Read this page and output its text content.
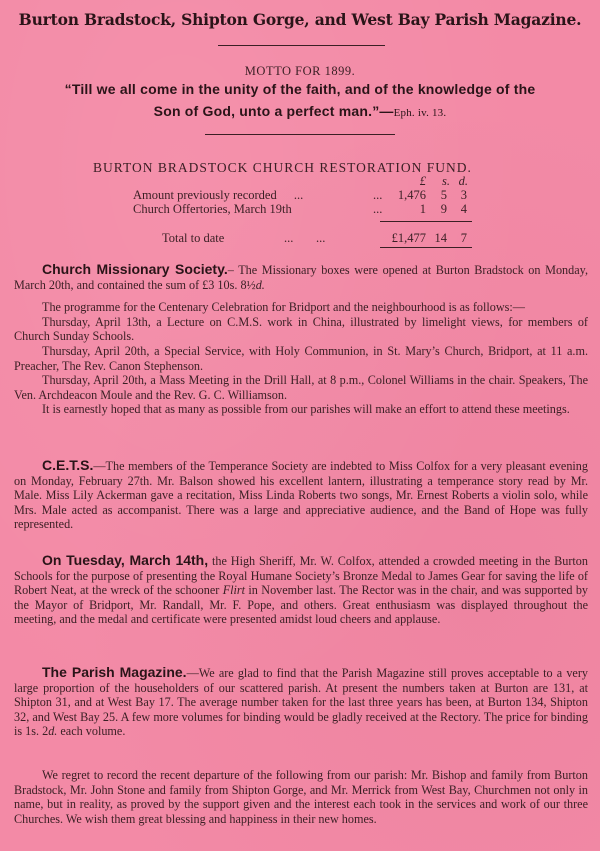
Burton Bradstock, Shipton Gorge, and West Bay Parish Magazine.
MOTTO FOR 1899.
“Till we all come in the unity of the faith, and of the knowledge of the
Son of God, unto a perfect man.”—Eph. iv. 13.
BURTON BRADSTOCK CHURCH RESTORATION FUND.
£	s. d.
Amount previously recorded ...	...	1,476	5	3
Church Offertories, March 19th	...	1	9	4
Total to date	... ...	£1,477 14	7

Church Missionary Society.– The Missionary boxes were opened at Burton Bradstock on Monday, March 20th, and contained the sum of £3 10s. 8½d.

The programme for the Centenary Celebration for Bridport and the neighbourhood is as follows:—

Thursday, April 13th, a Lecture on C.M.S. work in China, illustrated by limelight views, for members of Church Sunday Schools.

Thursday, April 20th, a Special Service, with Holy Communion, in St. Mary’s Church, Bridport, at 11 a.m. Preacher, The Rev. Canon Stephenson.

Thursday, April 20th, a Mass Meeting in the Drill Hall, at 8 p.m., Colonel Williams in the chair. Speakers, The Ven. Archdeacon Moule and the Rev. G. C. Williamson.

It is earnestly hoped that as many as possible from our parishes will make an effort to attend these meetings.

C.E.T.S.—The members of the Temperance Society are indebted to Miss Colfox for a very pleasant evening on Monday, February 27th. Mr. Balson showed his excellent lantern, illustrating a temperance story read by Mr. Male. Miss Lily Ackerman gave a recitation, Miss Linda Roberts two songs, Mr. Ernest Roberts a violin solo, while Mrs. Male acted as accompanist. There was a large and appreciative audience, and the Band of Hope was fully represented.

On Tuesday, March 14th, the High Sheriff, Mr. W. Colfox, attended a crowded meeting in the Burton Schools for the purpose of presenting the Royal Humane Society’s Bronze Medal to James Gear for saving the life of Robert Neat, at the wreck of the schooner Flirt in November last. The Rector was in the chair, and was supported by the Mayor of Bridport, Mr. Randall, Mr. F. Pope, and others. Great enthusiasm was displayed throughout the meeting, and the medal and certificate were presented amidst loud cheers and applause.

The Parish Magazine.—We are glad to find that the Parish Magazine still proves acceptable to a very large proportion of the householders of our scattered parish. At present the numbers taken at Burton are 131, at Shipton 31, and at West Bay 17. The average number taken for the last three years has been, at Burton 134, Shipton 32, and West Bay 25. A few more volumes for binding would be gladly received at the Rectory. The price for binding is 1s. 2d. each volume.

We regret to record the recent departure of the following from our parish: Mr. Bishop and family from Burton Bradstock, Mr. John Stone and family from Shipton Gorge, and Mr. Merrick from West Bay, Churchmen not only in name, but in reality, as proved by the support given and the interest each took in the services and work of our three Churches. We wish them great blessing and happiness in their new homes.
